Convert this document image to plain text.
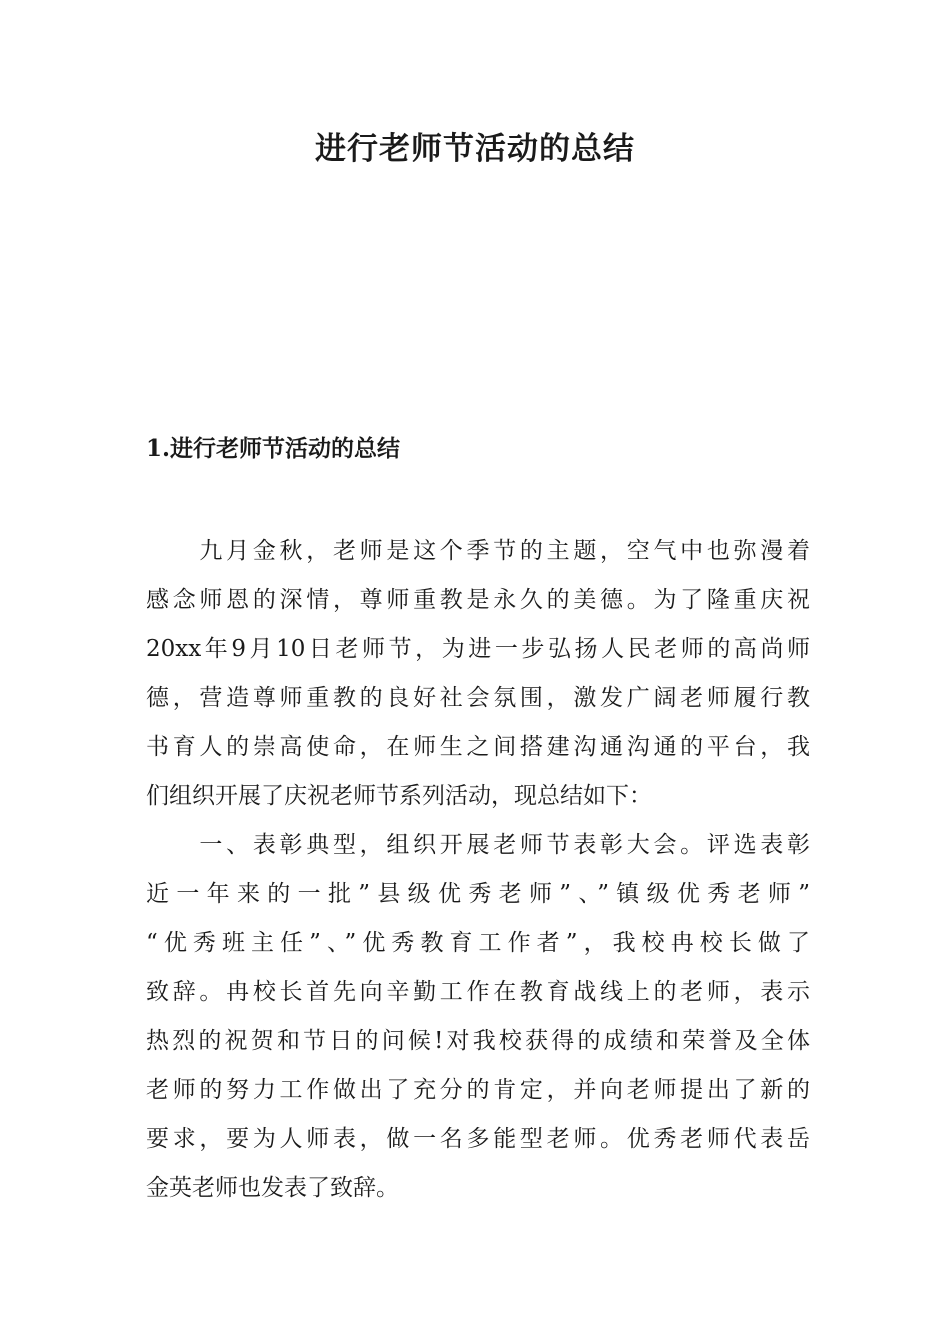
进行老师节活动的总结
1.进行老师节活动的总结
　　九月金秋，老师是这个季节的主题，空气中也弥漫着
感念师恩的深情，尊师重教是永久的美德。为了隆重庆祝
20xx年9月10日老师节，为进一步弘扬人民老师的高尚师
德，营造尊师重教的良好社会氛围，激发广阔老师履行教
书育人的崇高使命，在师生之间搭建沟通沟通的平台，我
们组织开展了庆祝老师节系列活动，现总结如下：
　　一、表彰典型，组织开展老师节表彰大会。评选表彰
近一年来的一批”县级优秀老师”、”镇级优秀老师”
“优秀班主任”、”优秀教育工作者”，我校冉校长做了
致辞。冉校长首先向辛勤工作在教育战线上的老师，表示
热烈的祝贺和节日的问候!对我校获得的成绩和荣誉及全体
老师的努力工作做出了充分的肯定，并向老师提出了新的
要求，要为人师表，做一名多能型老师。优秀老师代表岳
金英老师也发表了致辞。
